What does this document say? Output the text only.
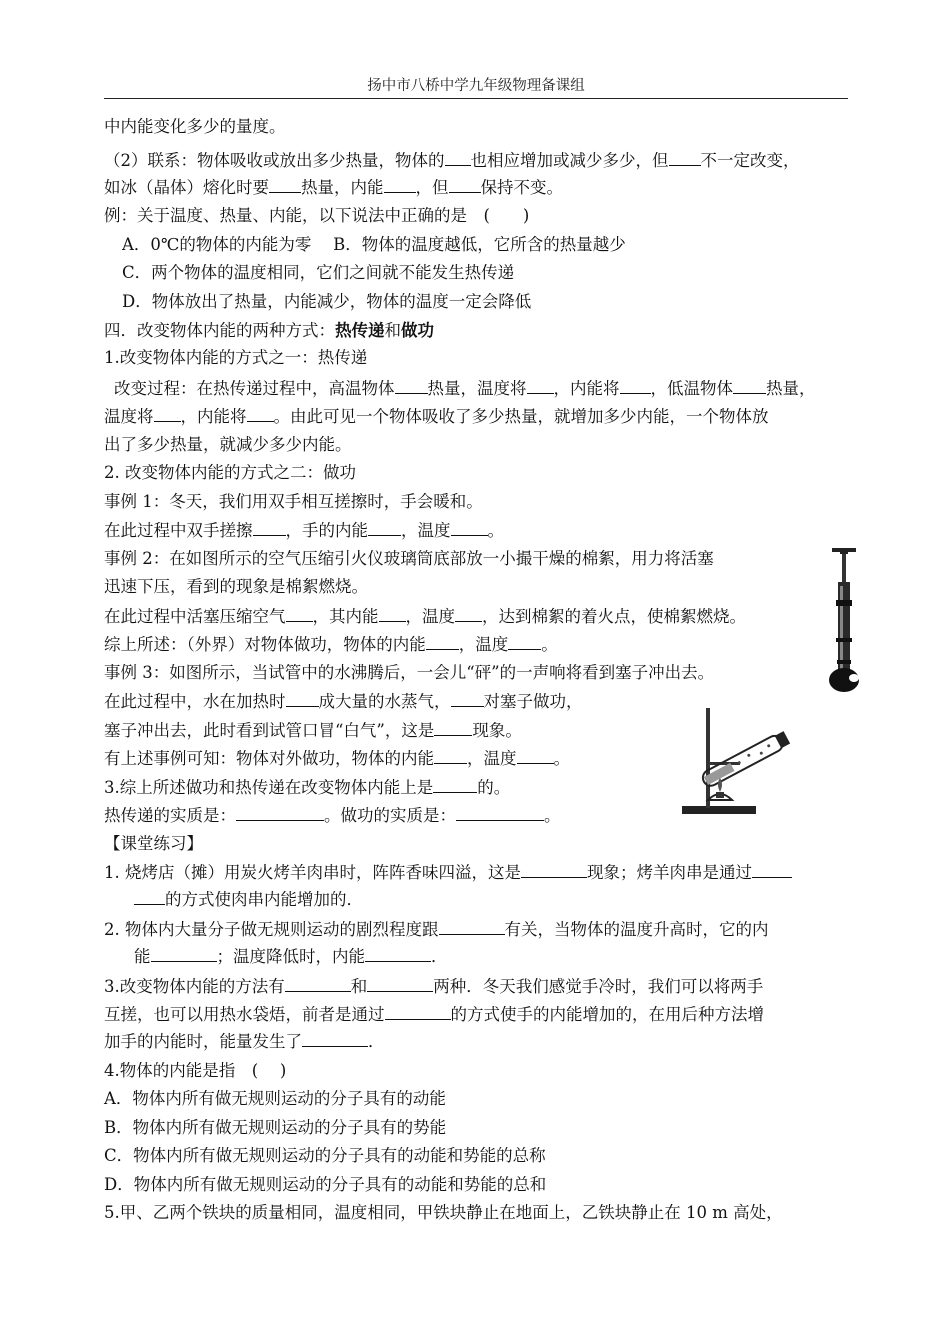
扬中市八桥中学九年级物理备课组
中内能变化多少的量度。
（2）联系：物体吸收或放出多少热量，物体的 也相应增加或减少多少，但 不一定改变，
如冰（晶体）熔化时要 热量，内能 ，但 保持不变。
例：关于温度、热量、内能，以下说法中正确的是　(　　)
A．0℃的物体的内能为零　 B．物体的温度越低，它所含的热量越少
C．两个物体的温度相同，它们之间就不能发生热传递
D．物体放出了热量，内能减少，物体的温度一定会降低
四．改变物体内能的两种方式：热传递和做功
1.改变物体内能的方式之一：热传递
改变过程：在热传递过程中，高温物体 热量，温度将 ，内能将 ，低温物体 热量，
温度将 ，内能将 。由此可见一个物体吸收了多少热量，就增加多少内能，一个物体放
出了多少热量，就减少多少内能。
2. 改变物体内能的方式之二：做功
事例 1：冬天，我们用双手相互搓擦时，手会暖和。
在此过程中双手搓擦 ，手的内能 ，温度 。
事例 2：在如图所示的空气压缩引火仪玻璃筒底部放一小撮干燥的棉絮，用力将活塞
迅速下压，看到的现象是棉絮燃烧。
在此过程中活塞压缩空气 ，其内能 ，温度 ，达到棉絮的着火点，使棉絮燃烧。
综上所述：（外界）对物体做功，物体的内能 ，温度 。
事例 3：如图所示，当试管中的水沸腾后，一会儿“砰”的一声响将看到塞子冲出去。
在此过程中，水在加热时 成大量的水蒸气， 对塞子做功，
塞子冲出去，此时看到试管口冒“白气”，这是 现象。
有上述事例可知：物体对外做功，物体的内能 ，温度 。
3.综上所述做功和热传递在改变物体内能上是	的。
热传递的实质是：	。做功的实质是：	。
【课堂练习】
1. 烧烤店（摊）用炭火烤羊肉串时，阵阵香味四溢，这是	现象；烤羊肉串是通过
的方式使肉串内能增加的．
2. 物体内大量分子做无规则运动的剧烈程度跟	有关，当物体的温度升高时，它的内
能	；温度降低时，内能	．
3.改变物体内能的方法有	和	两种．冬天我们感觉手冷时，我们可以将两手
互搓，也可以用热水袋焐，前者是通过	的方式使手的内能增加的，在用后种方法增
加手的内能时，能量发生了	．
4.物体的内能是指　(　 )
A．物体内所有做无规则运动的分子具有的动能
B．物体内所有做无规则运动的分子具有的势能
C．物体内所有做无规则运动的分子具有的动能和势能的总称
D．物体内所有做无规则运动的分子具有的动能和势能的总和
5.甲、乙两个铁块的质量相同，温度相同，甲铁块静止在地面上，乙铁块静止在 10 m 高处，
